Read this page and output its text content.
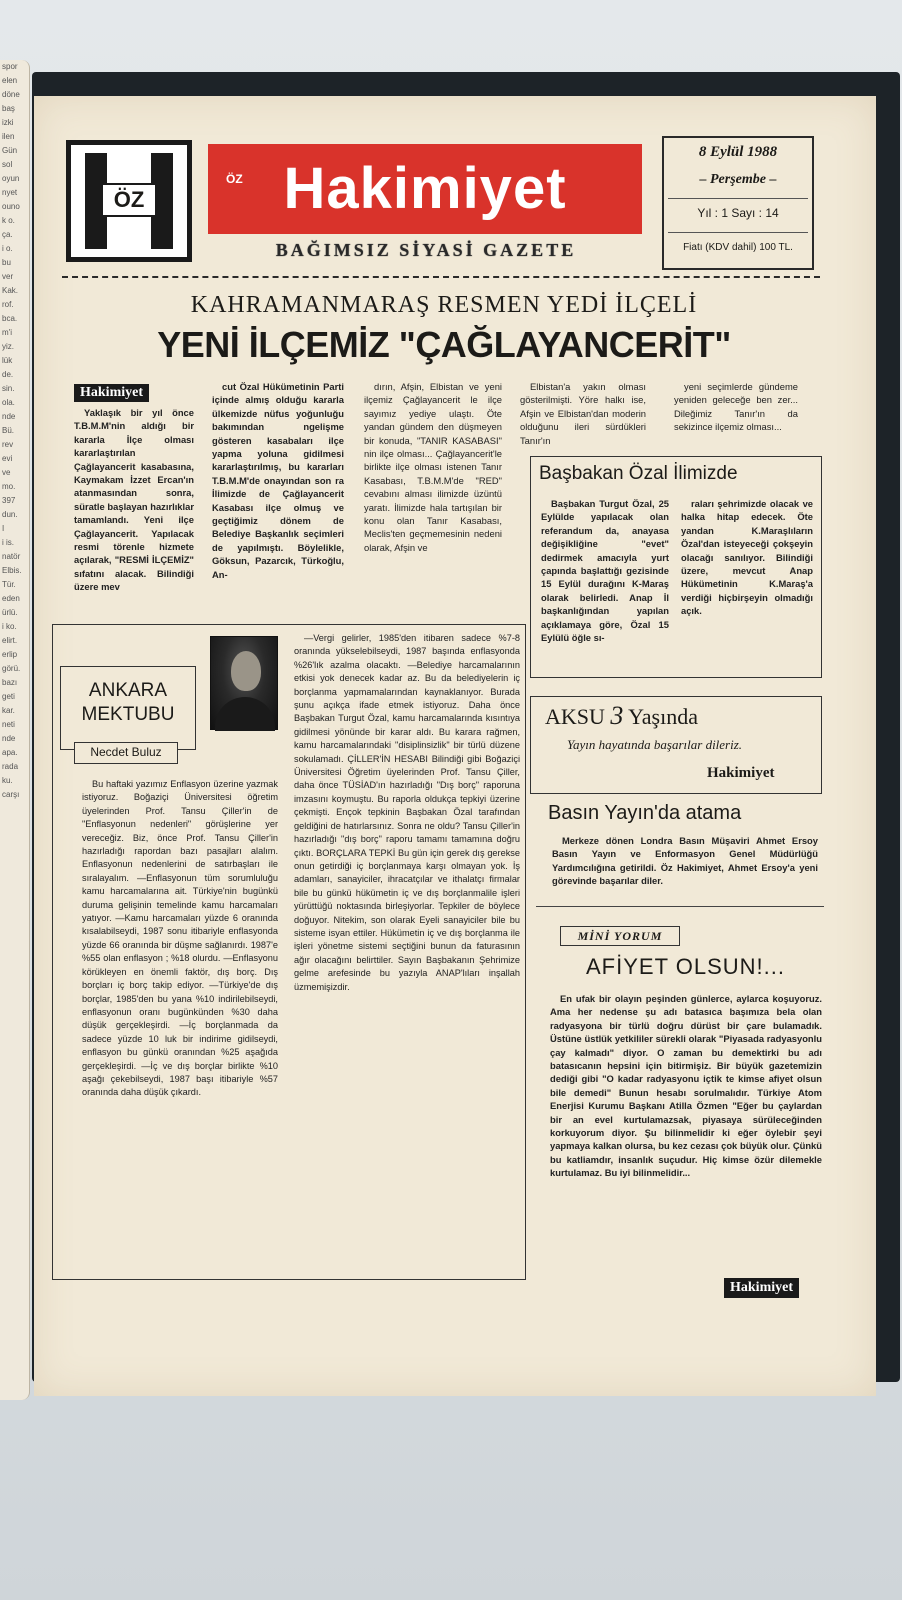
spor
elen
döne
baş
izki
ilen
Gün
sol
oyun
nyet
ouno
k o.
ça.
i o.
bu
ver
Kak.
rof.
bca.
m'i
yiz.
lük
de.
sin.
ola.
nde
Bü.
rev
evi
ve
mo.
397
dun.
I
i is.
natör
Elbis.
Tür.
eden
ürlü.
i ko.
elirt.
erlip
görü.
bazı
geti
kar.
neti
nde
apa.
rada
ku.
carşı
ÖZ	Hakimiyet
ÖZ
BAĞIMSIZ SİYASİ GAZETE
8 Eylül 1988
– Perşembe –
Yıl : 1 Sayı : 14
Fiatı (KDV dahil) 100 TL.
KAHRAMANMARAŞ RESMEN YEDİ İLÇELİ
YENİ İLÇEMİZ "ÇAĞLAYANCERİT"
Hakimiyet

Yaklaşık bir yıl önce T.B.M.M'nin aldığı bir kararla İlçe olması kararlaştırılan Çağlayancerit kasabasına, Kaymakam İzzet Ercan'ın atanmasından sonra, süratle başlayan hazırlıklar tamamlandı. Yeni ilçe Çağlayancerit. Yapılacak resmi törenle hizmete açılarak, "RESMİ İLÇEMİZ" sıfatını alacak. Bilindiği üzere mev

cut Özal Hükümetinin Parti içinde almış olduğu kararla ülkemizde nüfus yoğunluğu bakımından ngelişme gösteren kasabaları ilçe yapma yoluna gidilmesi kararlaştırılmış, bu kararları T.B.M.M'de onayından son ra İlimizde de Çağlayancerit Kasabası ilçe olmuş ve geçtiğimiz dönem de Belediye Başkanlık seçimleri de yapılmıştı. Böylelikle, Göksun, Pazarcık, Türkoğlu, An-

dırın, Afşin, Elbistan ve yeni ilçemiz Çağlayancerit le ilçe sayımız yediye ulaştı. Öte yandan gündem den düşmeyen bir konuda, "TANIR KASABASI" nin ilçe olması... Çağlayancerit'le birlikte ilçe olması istenen Tanır Kasabası, T.B.M.M'de "RED" cevabını alması ilimizde üzüntü yaratı. İlimizde hala tartışılan bir konu olan Tanır Kasabası, Meclis'ten geçmemesinin nedeni olarak, Afşin ve

Elbistan'a yakın olması gösterilmişti. Yöre halkı ise, Afşin ve Elbistan'dan moderin olduğunu ileri sürdükleri Tanır'ın

yeni seçimlerde gündeme yeniden geleceğe ben zer... Dileğimiz Tanır'ın da sekizince ilçemiz olması...

Başbakan Özal İlimizde

Başbakan Turgut Özal, 25 Eylülde yapılacak olan referandum da, anayasa değişikliğine "evet" dedirmek amacıyla yurt çapında başlattığı gezisinde 15 Eylül durağını K-Maraş olarak belirledi. Anap İl başkanlığından yapılan açıklamaya göre, Özal 15 Eylülü öğle sı-

raları şehrimizde olacak ve halka hitap edecek. Öte yandan K.Maraşlıların Özal'dan isteyeceği çokşeyin olacağı sanılıyor. Bilindiği üzere, mevcut Anap Hükümetinin K.Maraş'a verdiği hiçbirşeyin olmadığı açık.

AKSU 3 Yaşında
Yayın hayatında başarılar dileriz.
Hakimiyet
Basın Yayın'da atama

Merkeze dönen Londra Basın Müşaviri Ahmet Ersoy Basın Yayın ve Enformasyon Genel Müdürlüğü Yardımcılığına getirildi. Öz Hakimiyet, Ahmet Ersoy'a yeni görevinde başarılar diler.

MİNİ YORUM
AFİYET OLSUN!...

En ufak bir olayın peşinden günlerce, aylarca koşuyoruz. Ama her nedense şu adı batasıca başımıza bela olan radyasyona bir türlü doğru dürüst bir çare bulamadık. Üstüne üstlük yetkililer sürekli olarak "Piyasada radyasyonlu çay kalmadı" diyor. O zaman bu demektirki bu adı batasıcanın hepsini için bitirmişiz. Bir büyük gazetemizin dediği gibi "O kadar radyasyonu içtik te kimse afiyet olsun bile demedi" Bunun hesabı sorulmalıdır. Türkiye Atom Enerjisi Kurumu Başkanı Atilla Özmen "Eğer bu çaylardan bir an evel kurtulamazsak, piyasaya sürüleceğinden korkuyorum diyor. Şu bilinmelidir ki eğer öylebir şeyi yapmaya kalkan olursa, bu kez cezası çok büyük olur. Çünkü bu katliamdır, insanlık suçudur. Hiç kimse özür dilemekle kurtulamaz. Bu iyi bilinmelidir...

Hakimiyet
ANKARA
MEKTUBU
Necdet Buluz

Bu haftaki yazımız Enflasyon üzerine yazmak istiyoruz. Boğaziçi Üniversitesi öğretim üyelerinden Prof. Tansu Çiller'in de "Enflasyonun nedenleri" görüşlerine yer vereceğiz. Biz, önce Prof. Tansu Çiller'in hazırladığı rapordan bazı pasajları alalım. Enflasyonun nedenlerini de satırbaşları ile sıralayalım. —Enflasyonun tüm sorumluluğu kamu harcamalarına ait. Türkiye'nin bugünkü duruma gelişinin temelinde kamu harcamaları yatıyor. —Kamu harcamaları yüzde 6 oranında kısalabilseydi, 1987 sonu itibariyle enflasyonda yüzde 66 oranında bir düşme sağlanırdı. 1987'e %55 olan enflasyon ; %18 olurdu. —Enflasyonu körükleyen en önemli faktör, dış borç. Dış borçları iç borç takip ediyor. —Türkiye'de dış borçlar, 1985'den bu yana %10 indirilebilseydi, enflasyonun oranı bugünkünden %30 daha düşük gerçekleşirdi. —İç borçlanmada da sadece yüzde 10 luk bir indirime gidilseydi, enflasyon bu günkü oranından %25 aşağıda gerçekleşirdi. —İç ve dış borçlar birlikte %10 aşağı çekebilseydi, 1987 başı itibariyle %57 oranında daha düşük çıkardı.

—Vergi gelirler, 1985'den itibaren sadece %7-8 oranında yükselebilseydi, 1987 başında enflasyonda %26'lık azalma olacaktı. —Belediye harcamalarının etkisi yok denecek kadar az. Bu da belediyelerin iç borçlanma yapmamalarından kaynaklanıyor. Burada şunu açıkça ifade etmek istiyoruz. Daha önce Başbakan Turgut Özal, kamu harcamalarında kısıntıya gidilmesi yönünde bir karar aldı. Bu karara rağmen, kamu harcamalarındaki "disiplinsizlik" bir türlü düzene sokulamadı. ÇİLLER'İN HESABI Bilindiği gibi Boğaziçi Üniversitesi Öğretim üyelerinden Prof. Tansu Çiller, daha önce TÜSİAD'ın hazırladığı "Dış borç" raporuna imzasını koymuştu. Bu raporla oldukça tepkiyi üzerine çekmişti. Ençok tepkinin Başbakan Özal tarafından geldiğini de hatırlarsınız. Sonra ne oldu? Tansu Çiller'in hazırladığı "dış borç" raporu tamamı tamamına doğru çıktı. BORÇLARA TEPKİ Bu gün için gerek dış gerekse onun getirdiği iç borçlanmaya karşı olmayan yok. İş adamları, sanayiciler, ihracatçılar ve ithalatçı firmalar bile bu günkü hükümetin iç ve dış borçlanmalile işleri yürüttüğü noktasında birleşiyorlar. Tepkiler de böylece doğuyor. Nitekim, son olarak Eyeli sanayiciler bile bu sisteme isyan ettiler. Hükümetin iç ve dış borçlanma ile işleri yönetme sistemi seçtiğini bunun da faturasının ağır olacağını belirttiler. Sayın Başbakanın Şehrimize gelme arefesinde bu yazıyla ANAP'lıları inşallah üzmemişizdir.
